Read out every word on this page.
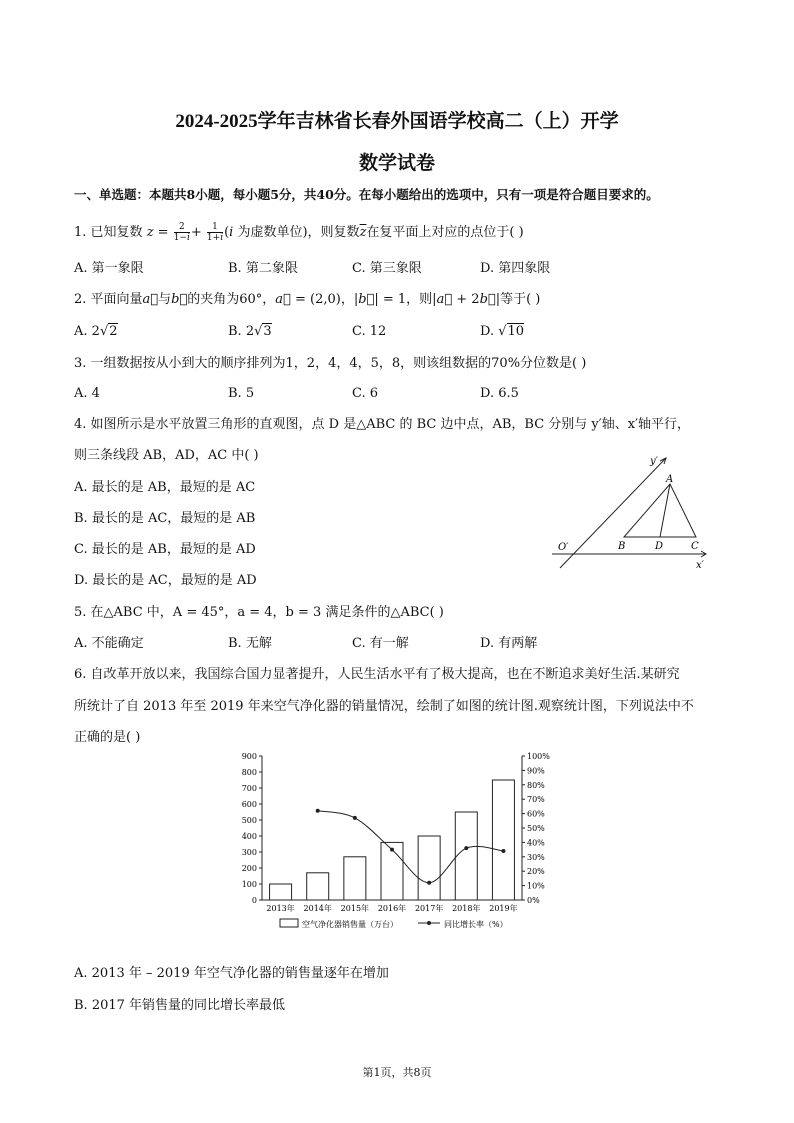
2024-2025学年吉林省长春外国语学校高二（上）开学
数学试卷
一、单选题：本题共8小题，每小题5分，共40分。在每小题给出的选项中，只有一项是符合题目要求的。
1. 已知复数 $z = \frac{2}{1-i} + \frac{1}{1+i} (i$ 为虚数单位)，则复数$\overline{z}$在复平面上对应的点位于( )
A. 第一象限	B. 第二象限	C. 第三象限	D. 第四象限
2. 平面向量a⃗与b⃗的夹角为60°，a⃗ = (2,0)，|b⃗| = 1，则|a⃗ + 2b⃗|等于( )
A. 2√2	B. 2√3	C. 12	D. √10
3. 一组数据按从小到大的顺序排列为1，2，4，4，5，8，则该组数据的70%分位数是( )
A. 4	B. 5	C. 6	D. 6.5
4. 如图所示是水平放置三角形的直观图，点 D 是△ABC 的 BC 边中点，AB，BC 分别与 y′轴、x′轴平行，
则三条线段 AB，AD，AC 中( )
A. 最长的是 AB，最短的是 AC
B. 最长的是 AC，最短的是 AB
C. 最长的是 AB，最短的是 AD
D. 最长的是 AC，最短的是 AD
y′
x′
O′
A
B	D	C
5. 在△ABC 中，A = 45°，a = 4，b = 3 满足条件的△ABC( )
A. 不能确定	B. 无解	C. 有一解	D. 有两解
6. 自改革开放以来，我国综合国力显著提升，人民生活水平有了极大提高，也在不断追求美好生活.某研究
所统计了自 2013 年至 2019 年来空气净化器的销量情况，绘制了如图的统计图.观察统计图，下列说法中不
正确的是( )
0
100
200
300
400
500
600
700
800
900
0%
10%
20%
30%
40%
50%
60%
70%
80%
90%
100%
2013年 2014年 2015年 2016年 2017年 2018年 2019年
空气净化器销售量（万台）	同比增长率（%）
A. 2013 年 – 2019 年空气净化器的销售量逐年在增加
B. 2017 年销售量的同比增长率最低
第1页，共8页
